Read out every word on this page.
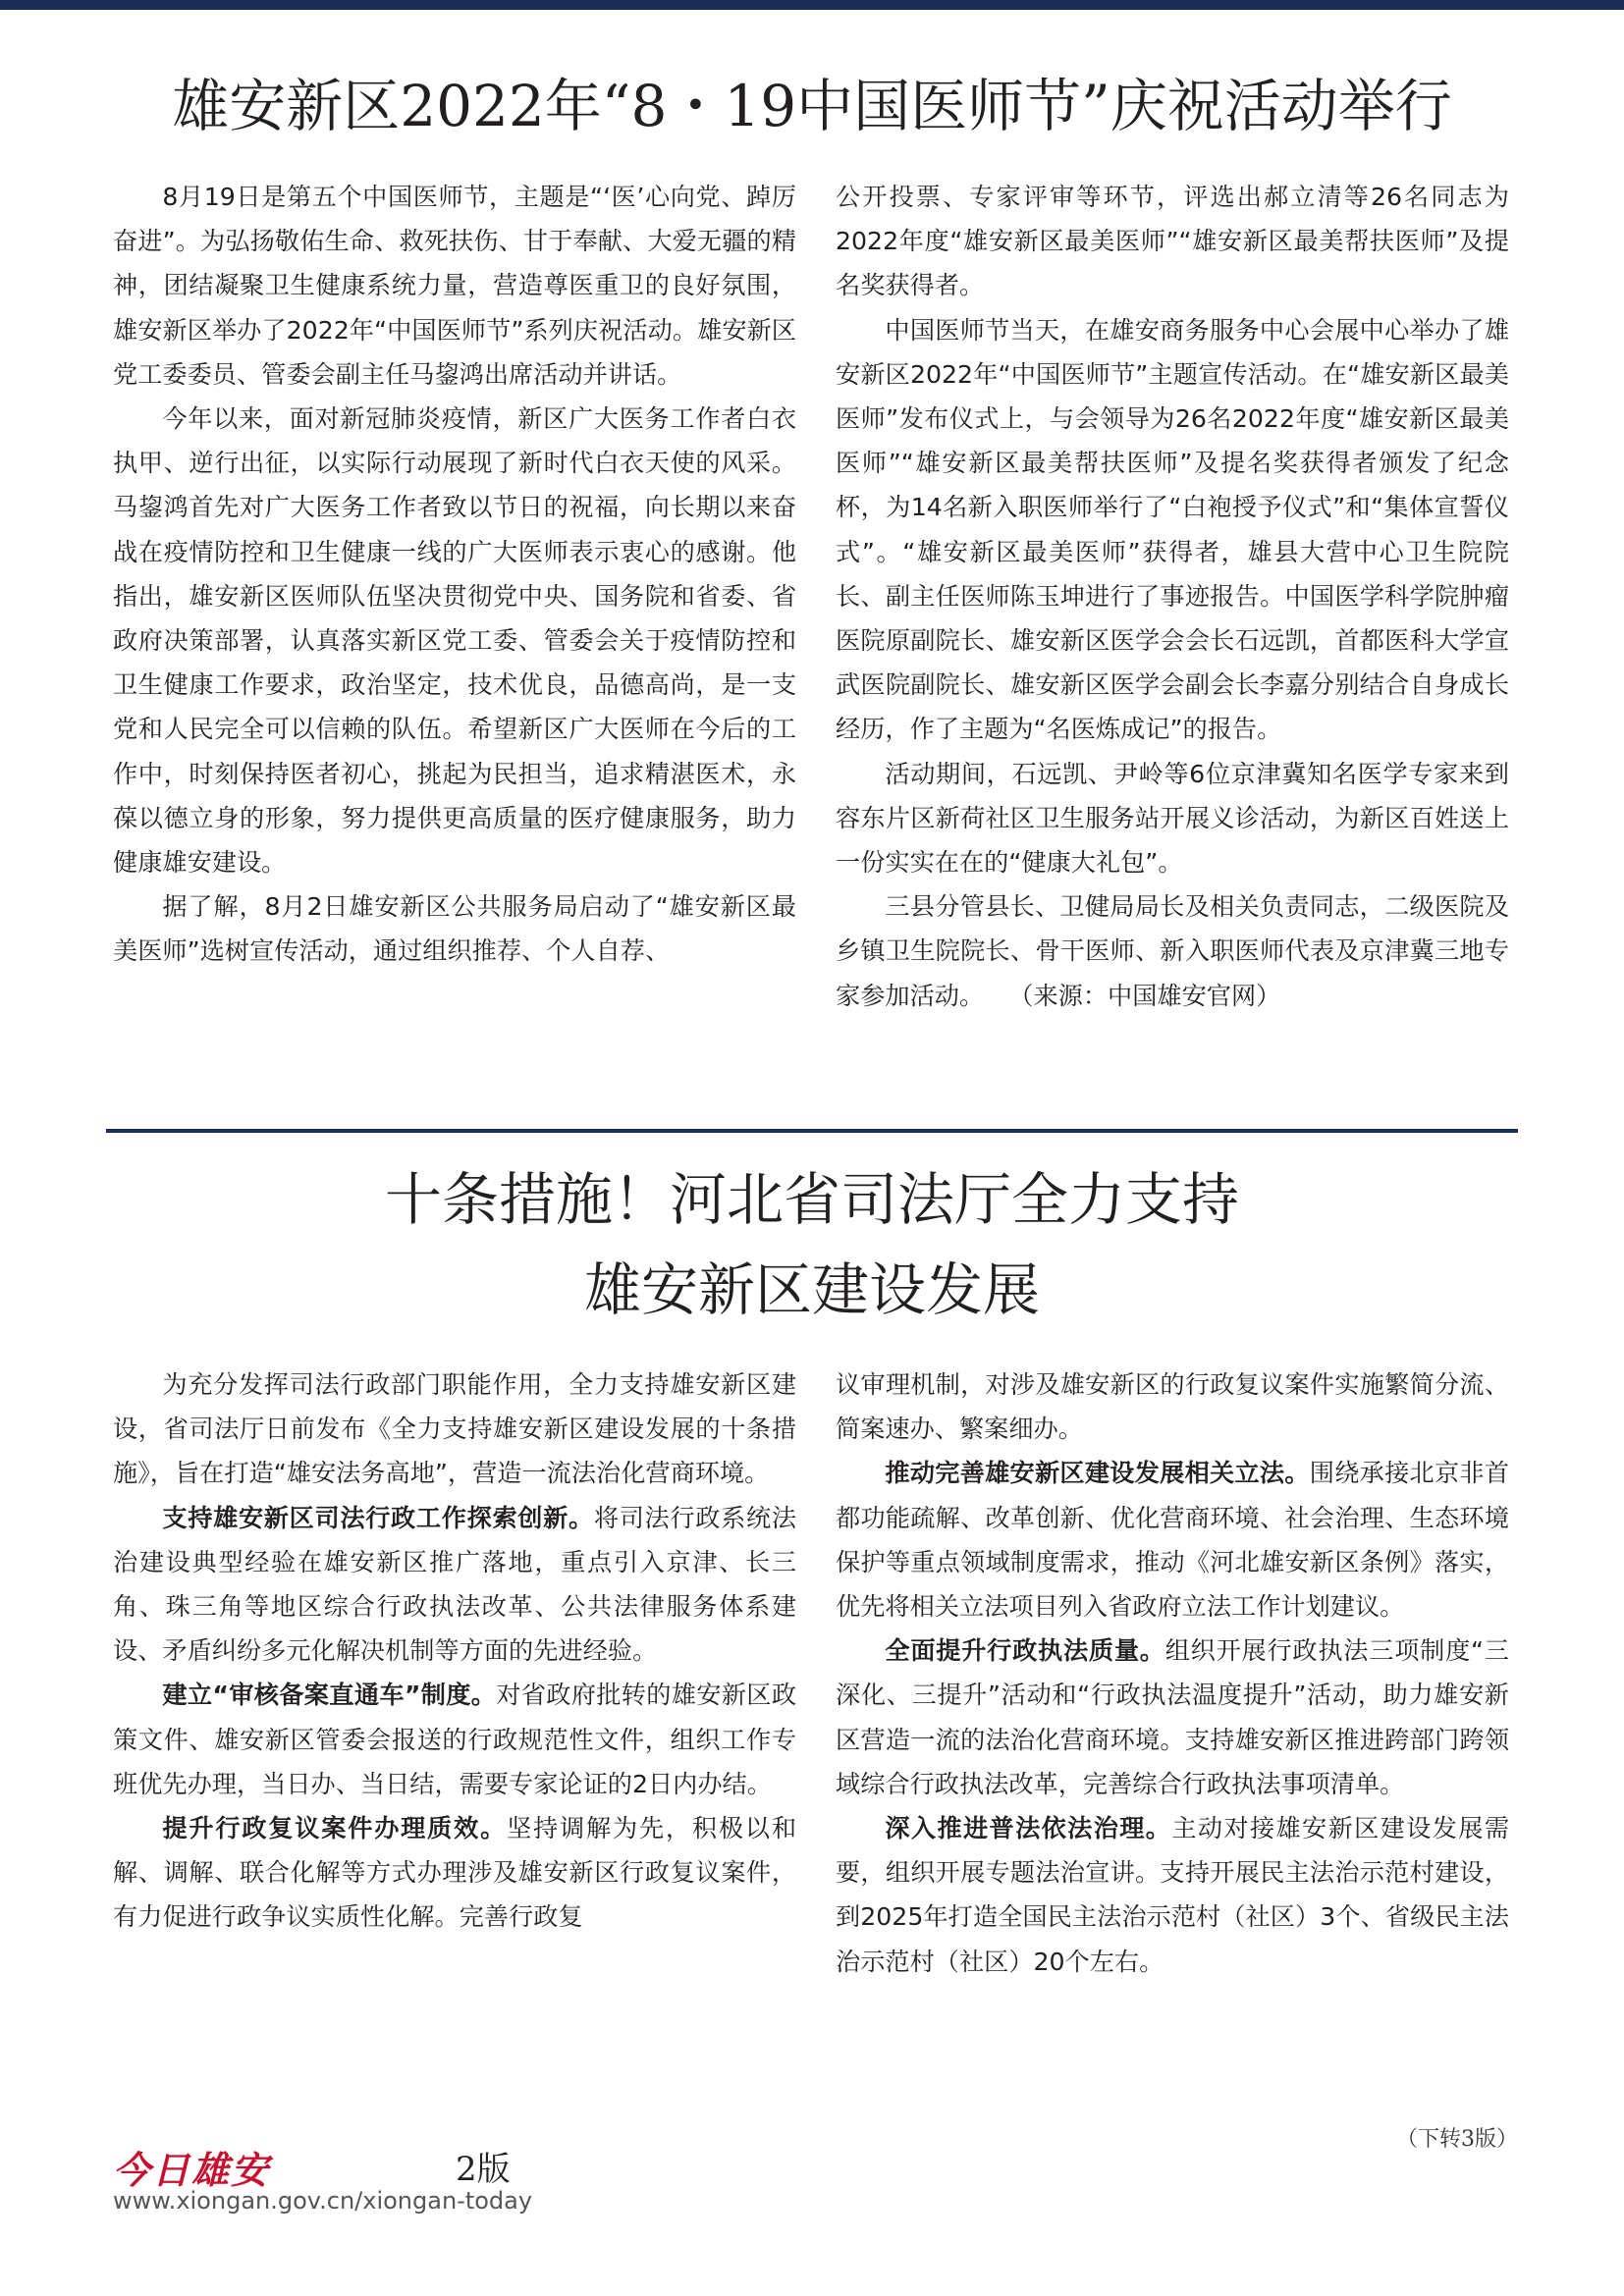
雄安新区2022年“8・19中国医师节”庆祝活动举行

8月19日是第五个中国医师节，主题是“‘医’心向党、踔厉奋进”。为弘扬敬佑生命、救死扶伤、甘于奉献、大爱无疆的精神，团结凝聚卫生健康系统力量，营造尊医重卫的良好氛围，雄安新区举办了2022年“中国医师节”系列庆祝活动。雄安新区党工委委员、管委会副主任马鋆鸿出席活动并讲话。

今年以来，面对新冠肺炎疫情，新区广大医务工作者白衣执甲、逆行出征，以实际行动展现了新时代白衣天使的风采。马鋆鸿首先对广大医务工作者致以节日的祝福，向长期以来奋战在疫情防控和卫生健康一线的广大医师表示衷心的感谢。他指出，雄安新区医师队伍坚决贯彻党中央、国务院和省委、省政府决策部署，认真落实新区党工委、管委会关于疫情防控和卫生健康工作要求，政治坚定，技术优良，品德高尚，是一支党和人民完全可以信赖的队伍。希望新区广大医师在今后的工作中，时刻保持医者初心，挑起为民担当，追求精湛医术，永葆以德立身的形象，努力提供更高质量的医疗健康服务，助力健康雄安建设。

据了解，8月2日雄安新区公共服务局启动了“雄安新区最美医师”选树宣传活动，通过组织推荐、个人自荐、

公开投票、专家评审等环节，评选出郝立清等26名同志为2022年度“雄安新区最美医师”“雄安新区最美帮扶医师”及提名奖获得者。

中国医师节当天，在雄安商务服务中心会展中心举办了雄安新区2022年“中国医师节”主题宣传活动。在“雄安新区最美医师”发布仪式上，与会领导为26名2022年度“雄安新区最美医师”“雄安新区最美帮扶医师”及提名奖获得者颁发了纪念杯，为14名新入职医师举行了“白袍授予仪式”和“集体宣誓仪式”。“雄安新区最美医师”获得者，雄县大营中心卫生院院长、副主任医师陈玉坤进行了事迹报告。中国医学科学院肿瘤医院原副院长、雄安新区医学会会长石远凯，首都医科大学宣武医院副院长、雄安新区医学会副会长李嘉分别结合自身成长经历，作了主题为“名医炼成记”的报告。

活动期间，石远凯、尹岭等6位京津冀知名医学专家来到容东片区新荷社区卫生服务站开展义诊活动，为新区百姓送上一份实实在在的“健康大礼包”。

三县分管县长、卫健局局长及相关负责同志，二级医院及乡镇卫生院院长、骨干医师、新入职医师代表及京津冀三地专家参加活动。　　 （来源：中国雄安官网）

十条措施！河北省司法厅全力支持
雄安新区建设发展

为充分发挥司法行政部门职能作用，全力支持雄安新区建设，省司法厅日前发布《全力支持雄安新区建设发展的十条措施》，旨在打造“雄安法务高地”，营造一流法治化营商环境。

支持雄安新区司法行政工作探索创新。将司法行政系统法治建设典型经验在雄安新区推广落地，重点引入京津、长三角、珠三角等地区综合行政执法改革、公共法律服务体系建设、矛盾纠纷多元化解决机制等方面的先进经验。

建立“审核备案直通车”制度。对省政府批转的雄安新区政策文件、雄安新区管委会报送的行政规范性文件，组织工作专班优先办理，当日办、当日结，需要专家论证的2日内办结。

提升行政复议案件办理质效。坚持调解为先，积极以和解、调解、联合化解等方式办理涉及雄安新区行政复议案件，有力促进行政争议实质性化解。完善行政复

议审理机制，对涉及雄安新区的行政复议案件实施繁简分流、简案速办、繁案细办。

推动完善雄安新区建设发展相关立法。围绕承接北京非首都功能疏解、改革创新、优化营商环境、社会治理、生态环境保护等重点领域制度需求，推动《河北雄安新区条例》落实，优先将相关立法项目列入省政府立法工作计划建议。

全面提升行政执法质量。组织开展行政执法三项制度“三深化、三提升”活动和“行政执法温度提升”活动，助力雄安新区营造一流的法治化营商环境。支持雄安新区推进跨部门跨领域综合行政执法改革，完善综合行政执法事项清单。

深入推进普法依法治理。主动对接雄安新区建设发展需要，组织开展专题法治宣讲。支持开展民主法治示范村建设，到2025年打造全国民主法治示范村（社区）3个、省级民主法治示范村（社区）20个左右。

（下转3版）
今日雄安	2版
www.xiongan.gov.cn/xiongan-today
